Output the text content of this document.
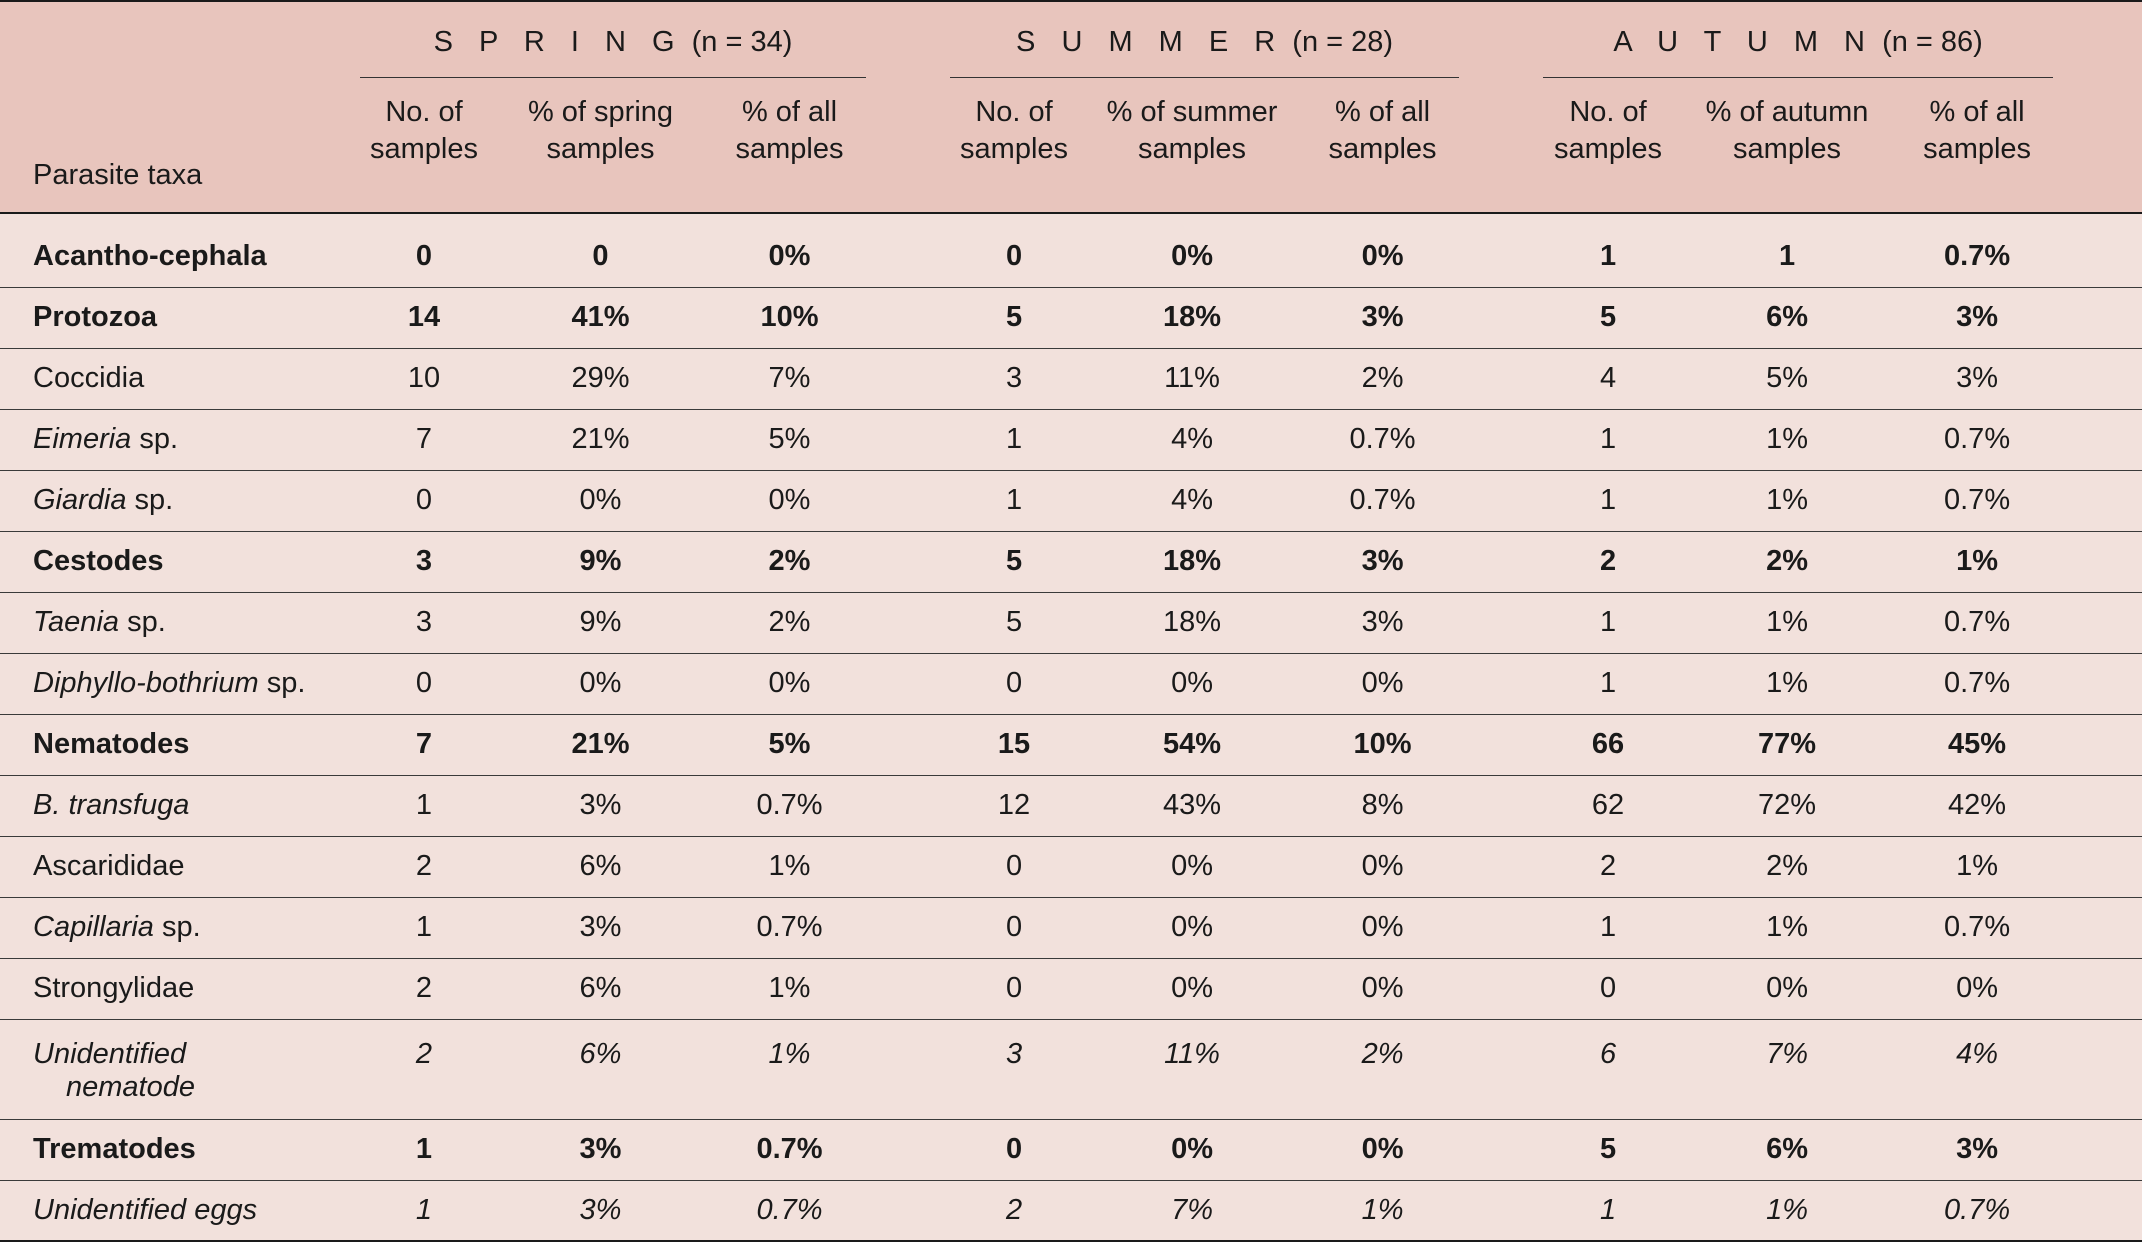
	S P R I N G (n = 34)				S U M M E R (n = 28)				A U T U M N (n = 86)		

Parasite taxa	No. of samples	% of spring samples	% of all samples		No. of samples	% of summer samples	% of all samples		No. of samples	% of autumn samples	% of all samples	

Acantho-cephala	0	0	0%		0	0%	0%		1	1	0.7%	
Protozoa	14	41%	10%		5	18%	3%		5	6%	3%	
Coccidia	10	29%	7%		3	11%	2%		4	5%	3%	
Eimeria sp.	7	21%	5%		1	4%	0.7%		1	1%	0.7%	
Giardia sp.	0	0%	0%		1	4%	0.7%		1	1%	0.7%	
Cestodes	3	9%	2%		5	18%	3%		2	2%	1%	
Taenia sp.	3	9%	2%		5	18%	3%		1	1%	0.7%	
Diphyllo-bothrium sp.	0	0%	0%		0	0%	0%		1	1%	0.7%	
Nematodes	7	21%	5%		15	54%	10%		66	77%	45%	
B. transfuga	1	3%	0.7%		12	43%	8%		62	72%	42%	
Ascarididae	2	6%	1%		0	0%	0%		2	2%	1%	
Capillaria sp.	1	3%	0.7%		0	0%	0%		1	1%	0.7%	
Strongylidae	2	6%	1%		0	0%	0%		0	0%	0%	
Unidentified
nematode	2	6%	1%		3	11%	2%		6	7%	4%	
Trematodes	1	3%	0.7%		0	0%	0%		5	6%	3%	
Unidentified eggs	1	3%	0.7%		2	7%	1%		1	1%	0.7%	
